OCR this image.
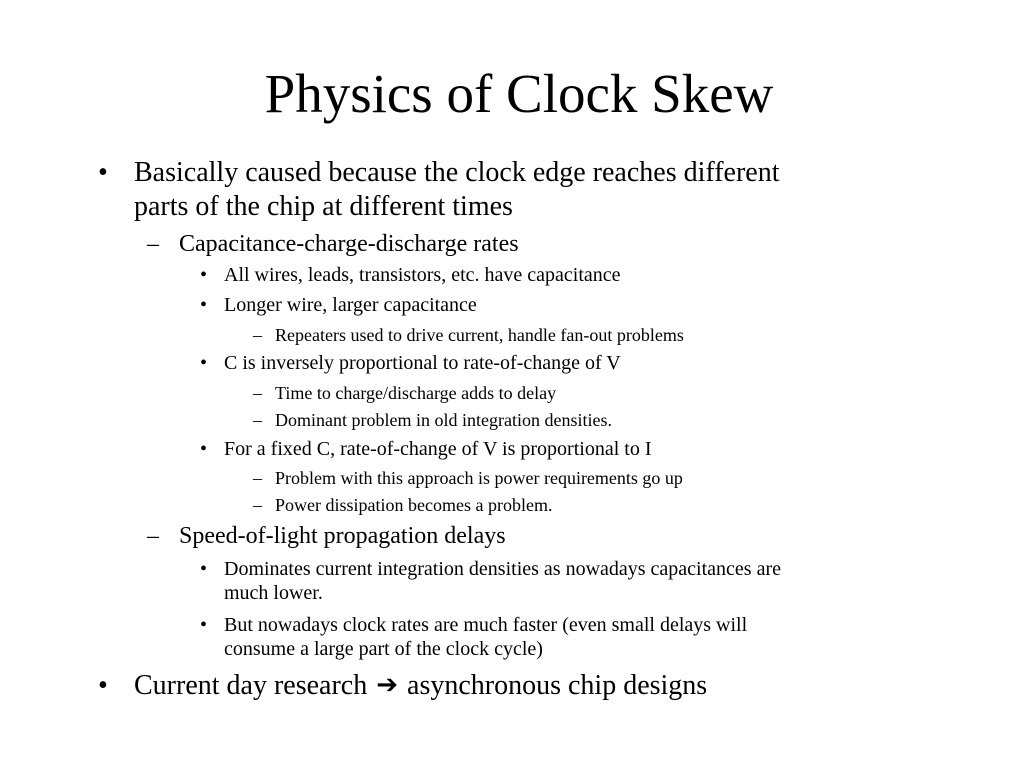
Physics of Clock Skew
• Basically caused because the clock edge reaches different
parts of the chip at different times
– Capacitance-charge-discharge rates
• All wires, leads, transistors, etc. have capacitance
• Longer wire, larger capacitance
– Repeaters used to drive current, handle fan-out problems
• C is inversely proportional to rate-of-change of V
– Time to charge/discharge adds to delay
– Dominant problem in old integration densities.
• For a fixed C, rate-of-change of V is proportional to I
– Problem with this approach is power requirements go up
– Power dissipation becomes a problem.
– Speed-of-light propagation delays
• Dominates current integration densities as nowadays capacitances are
much lower.
• But nowadays clock rates are much faster (even small delays will
consume a large part of the clock cycle)
• Current day research ➔ asynchronous chip designs
